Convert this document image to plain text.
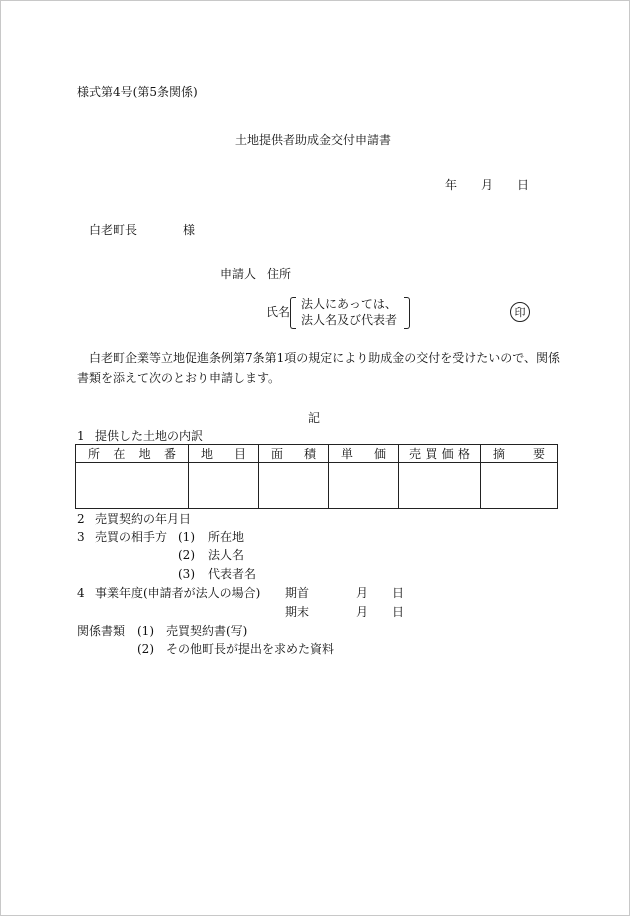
様式第4号(第5条関係)
土地提供者助成金交付申請書
年 月 日
白老町長	様
申請人 住所
氏名
法人にあっては、
法人名及び代表者
印
白老町企業等立地促進条例第7条第1項の規定により助成金の交付を受けたいので、関係
書類を添えて次のとおり申請します。
記
1 提供した土地の内訳
所 在 地 番	地 目	面 積	単 価	売 買 価 格	摘 要

2 売買契約の年月日
3 売買の相手方 (1) 所在地
(2) 法人名
(3) 代表者名
4 事業年度(申請者が法人の場合) 期首	月 日
期末	月 日
関係書類 (1) 売買契約書(写)
(2) その他町長が提出を求めた資料
